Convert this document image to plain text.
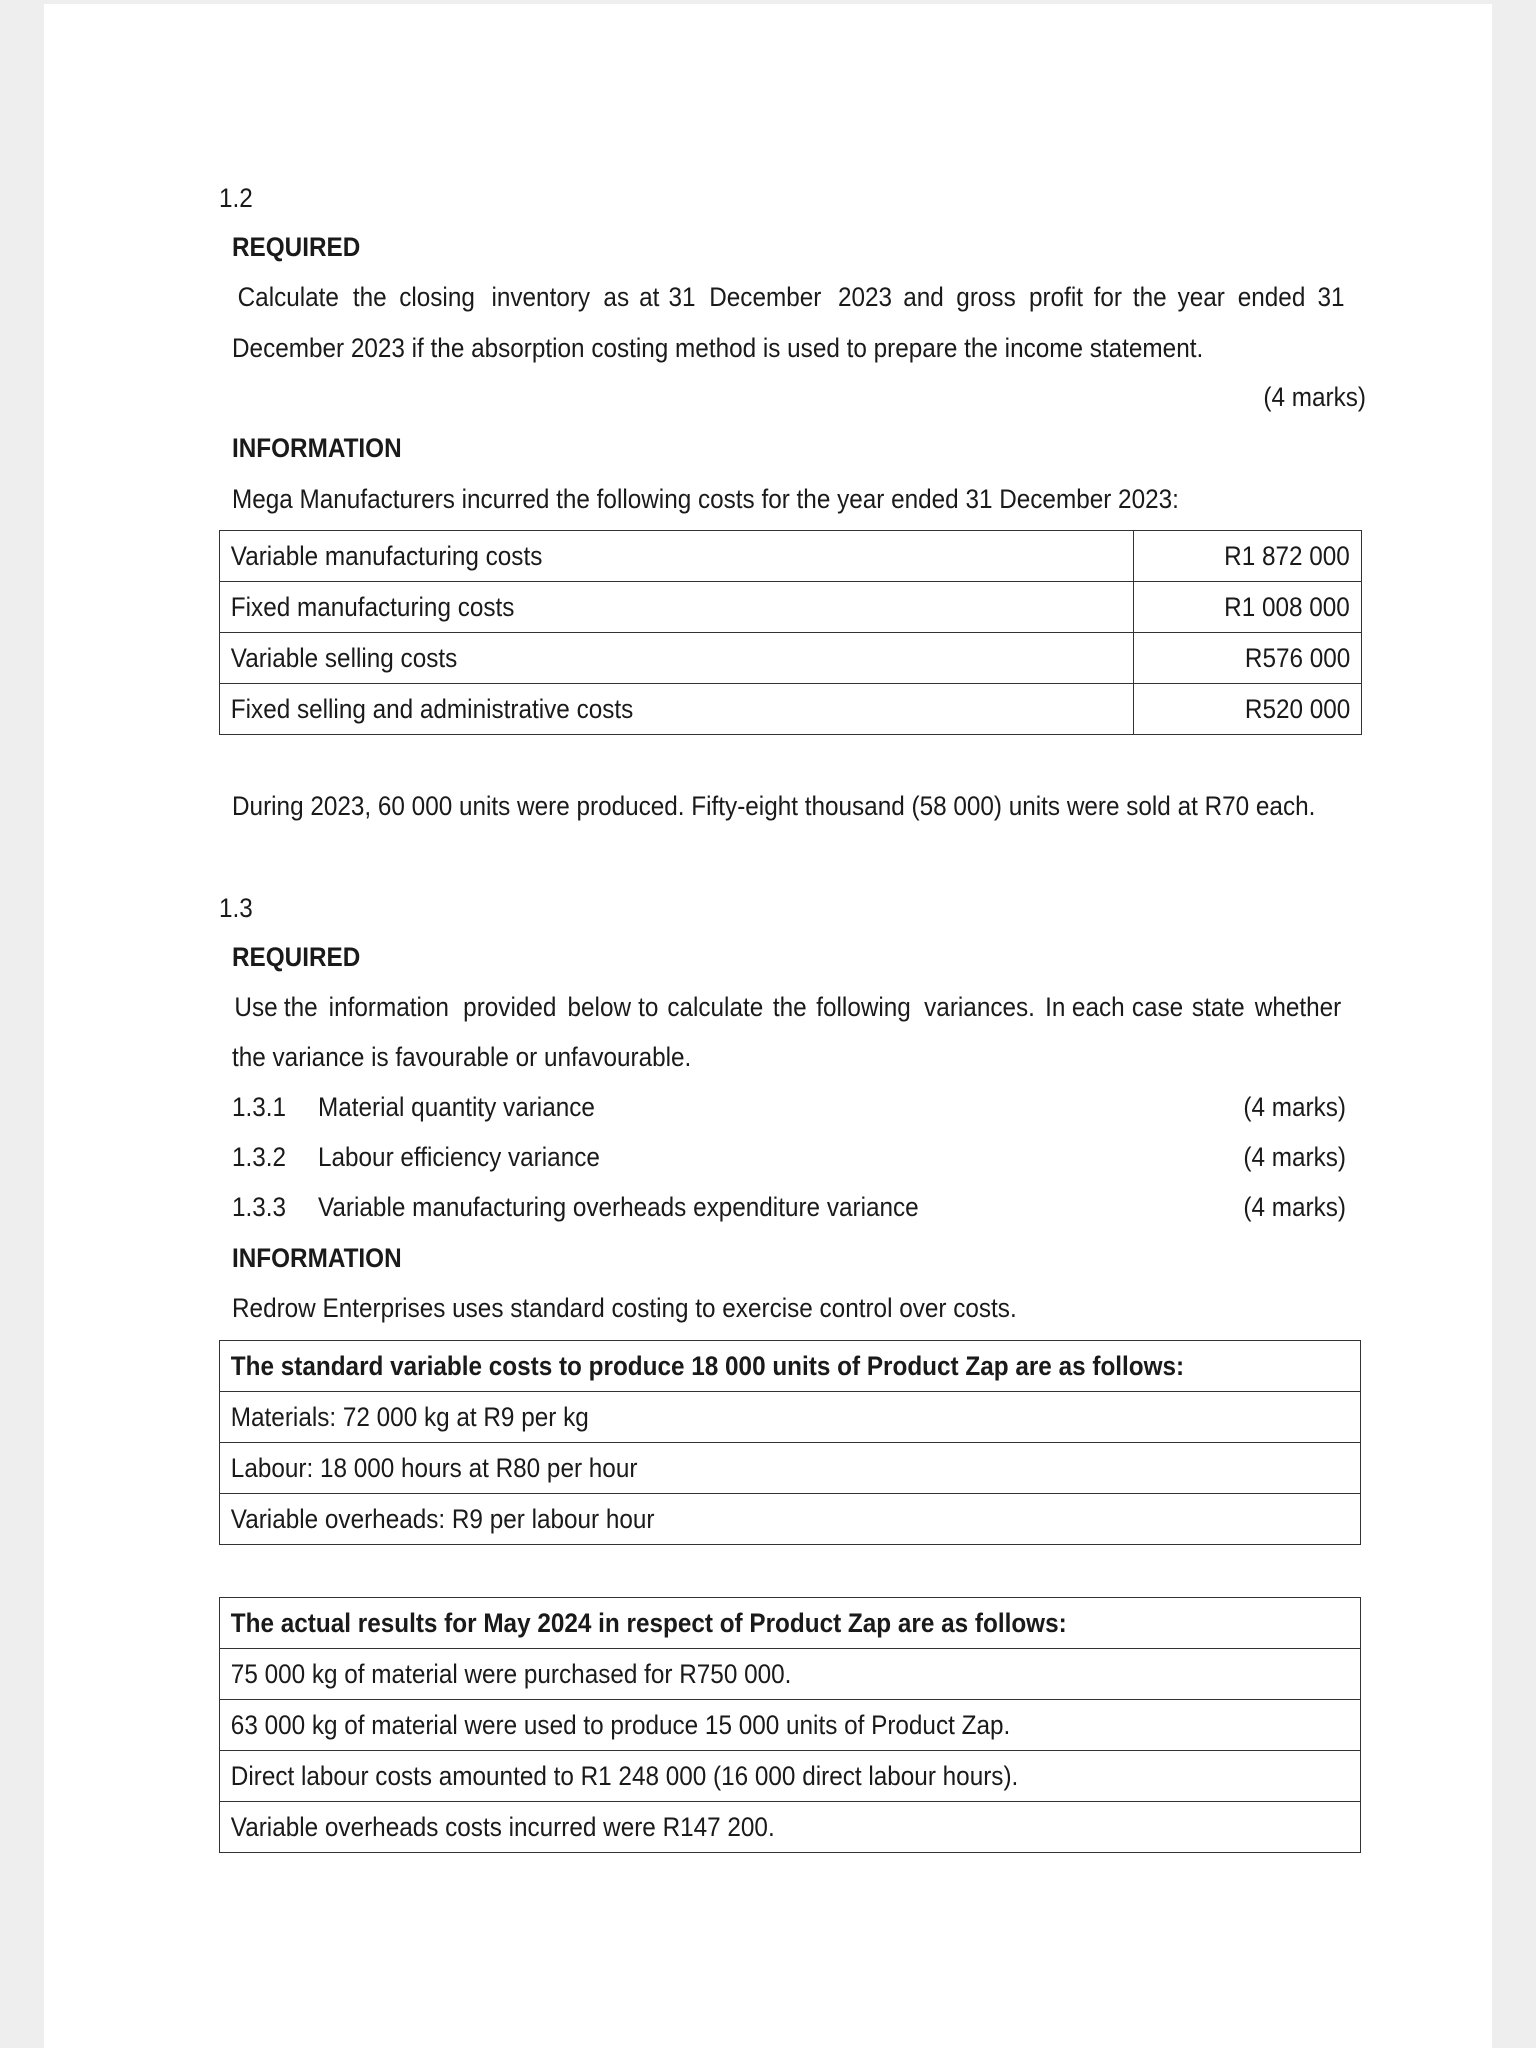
1.2
REQUIRED
Calculate the closing inventory as at 31 December 2023 and gross profit for the year ended 31
December 2023 if the absorption costing method is used to prepare the income statement.
(4 marks)
INFORMATION
Mega Manufacturers incurred the following costs for the year ended 31 December 2023:
Variable manufacturing costs	R1 872 000
Fixed manufacturing costs	R1 008 000
Variable selling costs	R576 000
Fixed selling and administrative costs	R520 000
During 2023, 60 000 units were produced. Fifty-eight thousand (58 000) units were sold at R70 each.
1.3
REQUIRED
Use the information provided below to calculate the following variances. In each case state whether
the variance is favourable or unfavourable.
1.3.1 Material quantity variance	(4 marks)
1.3.2 Labour efficiency variance	(4 marks)
1.3.3 Variable manufacturing overheads expenditure variance	(4 marks)
INFORMATION
Redrow Enterprises uses standard costing to exercise control over costs.
The standard variable costs to produce 18 000 units of Product Zap are as follows:
Materials: 72 000 kg at R9 per kg
Labour: 18 000 hours at R80 per hour
Variable overheads: R9 per labour hour
The actual results for May 2024 in respect of Product Zap are as follows:
75 000 kg of material were purchased for R750 000.
63 000 kg of material were used to produce 15 000 units of Product Zap.
Direct labour costs amounted to R1 248 000 (16 000 direct labour hours).
Variable overheads costs incurred were R147 200.
